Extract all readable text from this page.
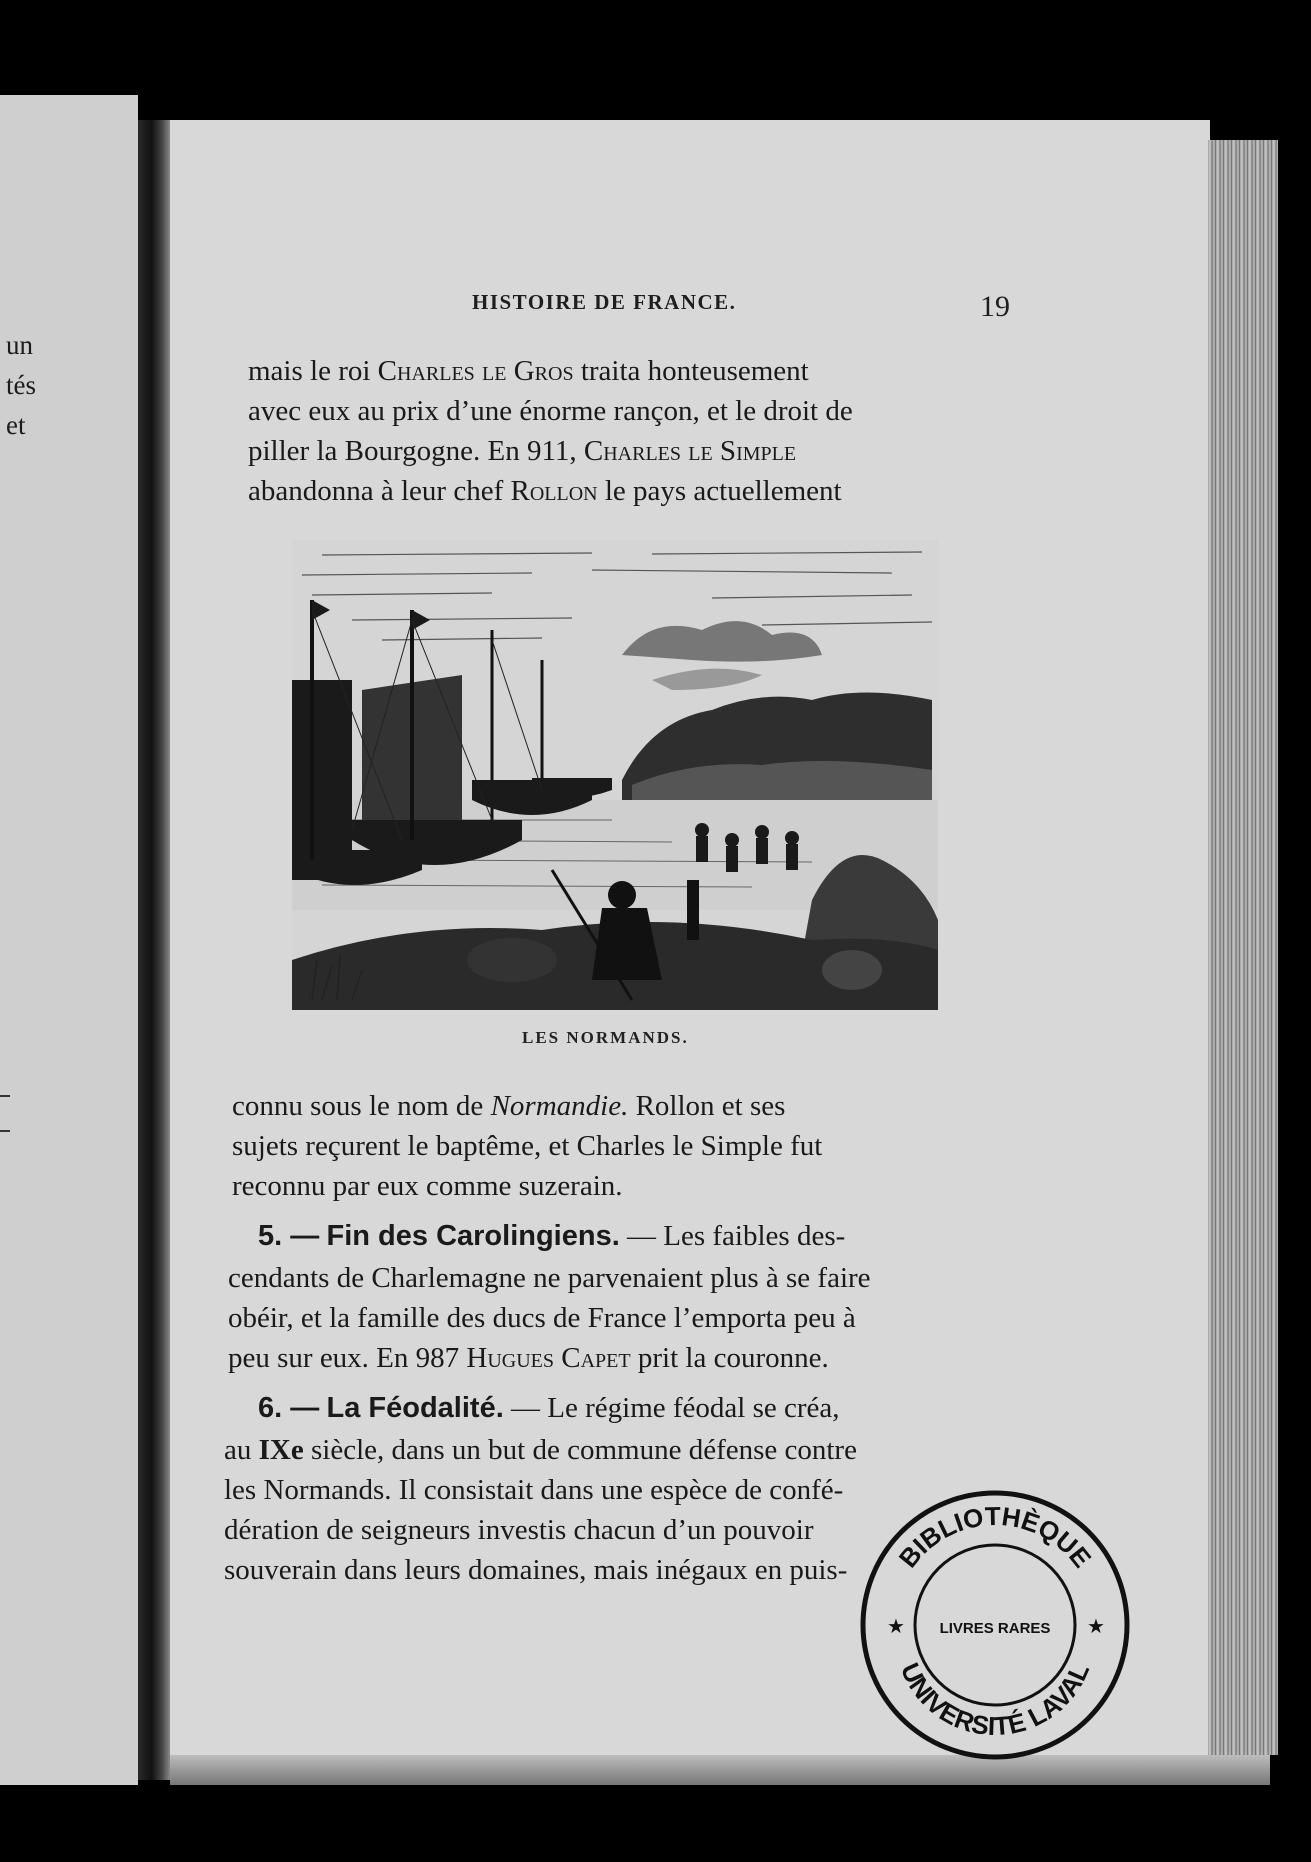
un
tés
et
HISTOIRE DE FRANCE.	19
mais le roi Charles le Gros traita honteusement
avec eux au prix d’une énorme rançon, et le droit de
piller la Bourgogne. En 911, Charles le Simple
abandonna à leur chef Rollon le pays actuellement
LES NORMANDS.
connu sous le nom de Normandie. Rollon et ses
sujets reçurent le baptême, et Charles le Simple fut
reconnu par eux comme suzerain.
5. — Fin des Carolingiens. — Les faibles des-
cendants de Charlemagne ne parvenaient plus à se faire
obéir, et la famille des ducs de France l’emporta peu à
peu sur eux. En 987 Hugues Capet prit la couronne.
6. — La Féodalité. — Le régime féodal se créa,
au IXe siècle, dans un but de commune défense contre
les Normands. Il consistait dans une espèce de confé-
dération de seigneurs investis chacun d’un pouvoir
souverain dans leurs domaines, mais inégaux en puis- BIBLIOTHÈQUE
UNIVERSITÉ LAVAL
LIVRES RARES
★	★
